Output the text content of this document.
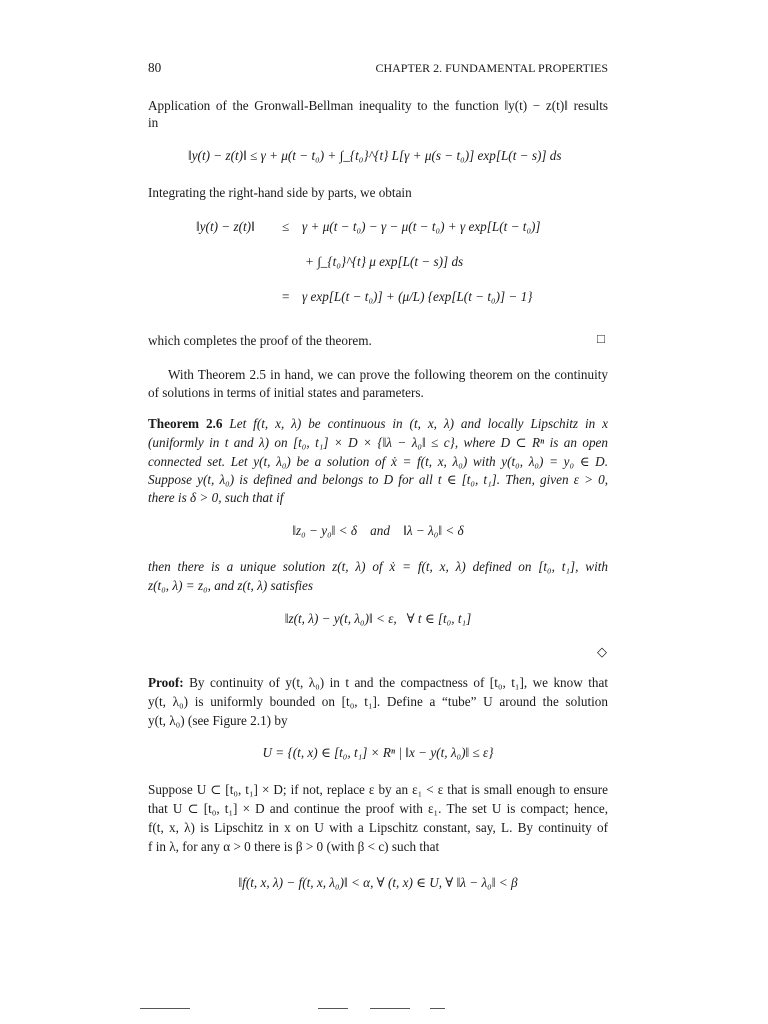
80	CHAPTER 2. FUNDAMENTAL PROPERTIES
Application of the Gronwall-Bellman inequality to the function ‖y(t) − z(t)‖ results
in
‖y(t) − z(t)‖ ≤ γ + μ(t − t₀) + ∫_{t₀}^{t} L[γ + μ(s − t₀)] exp[L(t − s)] ds
Integrating the right-hand side by parts, we obtain
‖y(t) − z(t)‖ ≤ γ + μ(t − t₀) − γ − μ(t − t₀) + γ exp[L(t − t₀)]
+ ∫_{t₀}^{t} μ exp[L(t − s)] ds
= γ exp[L(t − t₀)] + (μ/L) {exp[L(t − t₀)] − 1}
which completes the proof of the theorem.	□
With Theorem 2.5 in hand, we can prove the following theorem on the continuity
of solutions in terms of initial states and parameters.
Theorem 2.6 Let f(t, x, λ) be continuous in (t, x, λ) and locally Lipschitz in x
(uniformly in t and λ) on [t₀, t₁] × D × {‖λ − λ₀‖ ≤ c}, where D ⊂ Rⁿ is an open
connected set. Let y(t, λ₀) be a solution of ẋ = f(t, x, λ₀) with y(t₀, λ₀) = y₀ ∈ D.
Suppose y(t, λ₀) is defined and belongs to D for all t ∈ [t₀, t₁]. Then, given ε > 0,
there is δ > 0, such that if
‖z₀ − y₀‖ < δ    and    ‖λ − λ₀‖ < δ
then there is a unique solution z(t, λ) of ẋ = f(t, x, λ) defined on [t₀, t₁], with
z(t₀, λ) = z₀, and z(t, λ) satisfies
‖z(t, λ) − y(t, λ₀)‖ < ε,   ∀ t ∈ [t₀, t₁]
◇
Proof: By continuity of y(t, λ₀) in t and the compactness of [t₀, t₁], we know that
y(t, λ₀) is uniformly bounded on [t₀, t₁]. Define a “tube” U around the solution
y(t, λ₀) (see Figure 2.1) by
U = {(t, x) ∈ [t₀, t₁] × Rⁿ | ‖x − y(t, λ₀)‖ ≤ ε}
Suppose U ⊂ [t₀, t₁] × D; if not, replace ε by an ε₁ < ε that is small enough to ensure
that U ⊂ [t₀, t₁] × D and continue the proof with ε₁. The set U is compact; hence,
f(t, x, λ) is Lipschitz in x on U with a Lipschitz constant, say, L. By continuity of
f in λ, for any α > 0 there is β > 0 (with β < c) such that
‖f(t, x, λ) − f(t, x, λ₀)‖ < α, ∀ (t, x) ∈ U, ∀ ‖λ − λ₀‖ < β
